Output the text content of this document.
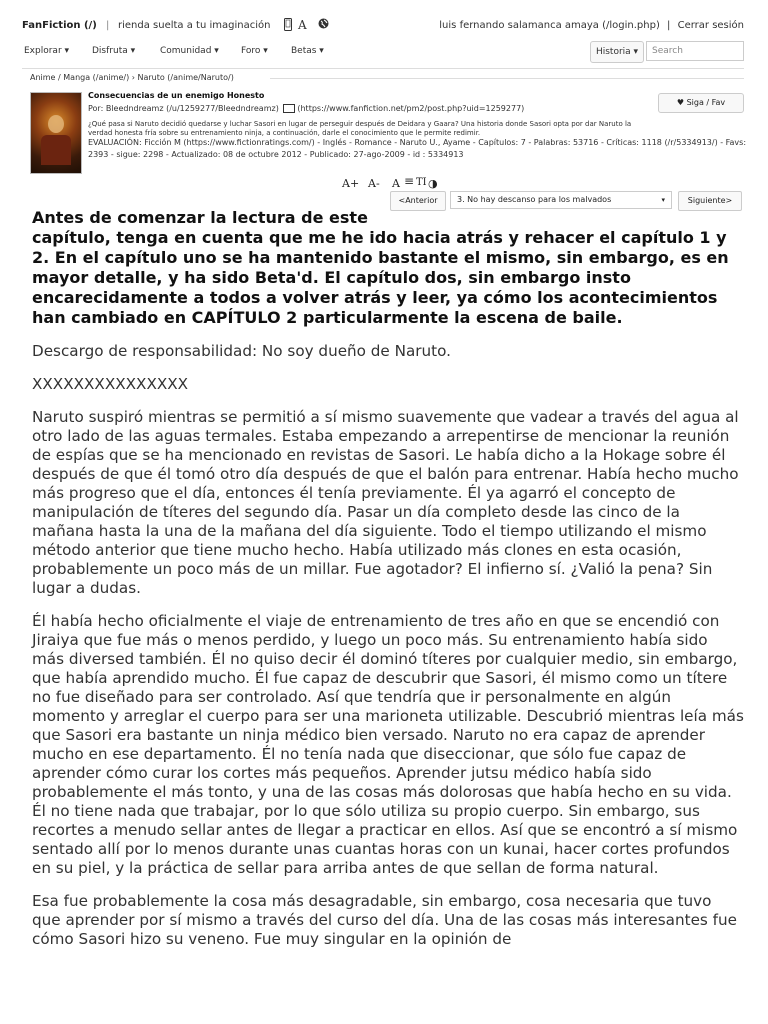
FanFiction (/) | rienda suelta a tu imaginación A	luis fernando salamanca amaya (/login.php) | Cerrar sesión
Explorar ▾	Disfruta ▾	Comunidad ▾ Foro ▾	Betas ▾	Historia ▾
Search
Anime / Manga (/anime/) › Naruto (/anime/Naruto/)
Consecuencias de un enemigo Honesto
Por: Bleedndreamz (/u/1259277/Bleedndreamz) (https://www.fanfiction.net/pm2/post.php?uid=1259277)
¿Qué pasa si Naruto decidió quedarse y luchar Sasori en lugar de perseguir después de Deidara y Gaara? Una historia donde Sasori opta por dar Naruto la verdad honesta fría sobre su entrenamiento ninja, a continuación, darle el conocimiento que le permite redimir.
EVALUACIÓN: Ficción M (https://www.fictionratings.com/) - Inglés - Romance - Naruto U., Ayame - Capítulos: 7 - Palabras: 53716 - Críticas: 1118 (/r/5334913/) - Favs: 2393 - sigue: 2298 - Actualizado: 08 de octubre 2012 - Publicado: 27-ago-2009 - id : 5334913
♥ Siga / Fav
A+ A- A ≡ TI ◑
<Anterior	3. No hay descanso para los malvados	▾	Siguiente>

Antes de comenzar la lectura de este
capítulo, tenga en cuenta que me he ido hacia atrás y rehacer el capítulo 1 y 2. En el capítulo uno se ha mantenido bastante el mismo, sin embargo, es en mayor detalle, y ha sido Beta'd. El capítulo dos, sin embargo insto encarecidamente a todos a volver atrás y leer, ya cómo los acontecimientos han cambiado en CAPÍTULO 2 particularmente la escena de baile.

Descargo de responsabilidad: No soy dueño de Naruto.

XXXXXXXXXXXXXXX

Naruto suspiró mientras se permitió a sí mismo suavemente que vadear a través del agua al otro lado de las aguas termales. Estaba empezando a arrepentirse de mencionar la reunión de espías que se ha mencionado en revistas de Sasori. Le había dicho a la Hokage sobre él después de que él tomó otro día después de que el balón para entrenar. Había hecho mucho más progreso que el día, entonces él tenía previamente. Él ya agarró el concepto de manipulación de títeres del segundo día. Pasar un día completo desde las cinco de la mañana hasta la una de la mañana del día siguiente. Todo el tiempo utilizando el mismo método anterior que tiene mucho hecho. Había utilizado más clones en esta ocasión, probablemente un poco más de un millar. Fue agotador? El infierno sí. ¿Valió la pena? Sin lugar a dudas.

Él había hecho oficialmente el viaje de entrenamiento de tres año en que se encendió con Jiraiya que fue más o menos perdido, y luego un poco más. Su entrenamiento había sido más diversed también. Él no quiso decir él dominó títeres por cualquier medio, sin embargo, que había aprendido mucho. Él fue capaz de descubrir que Sasori, él mismo como un títere no fue diseñado para ser controlado. Así que tendría que ir personalmente en algún momento y arreglar el cuerpo para ser una marioneta utilizable. Descubrió mientras leía más que Sasori era bastante un ninja médico bien versado. Naruto no era capaz de aprender mucho en ese departamento. Él no tenía nada que diseccionar, que sólo fue capaz de aprender cómo curar los cortes más pequeños. Aprender jutsu médico había sido probablemente el más tonto, y una de las cosas más dolorosas que había hecho en su vida. Él no tiene nada que trabajar, por lo que sólo utiliza su propio cuerpo. Sin embargo, sus recortes a menudo sellar antes de llegar a practicar en ellos. Así que se encontró a sí mismo sentado allí por lo menos durante unas cuantas horas con un kunai, hacer cortes profundos en su piel, y la práctica de sellar para arriba antes de que sellan de forma natural.

Esa fue probablemente la cosa más desagradable, sin embargo, cosa necesaria que tuvo que aprender por sí mismo a través del curso del día. Una de las cosas más interesantes fue cómo Sasori hizo su veneno. Fue muy singular en la opinión de
